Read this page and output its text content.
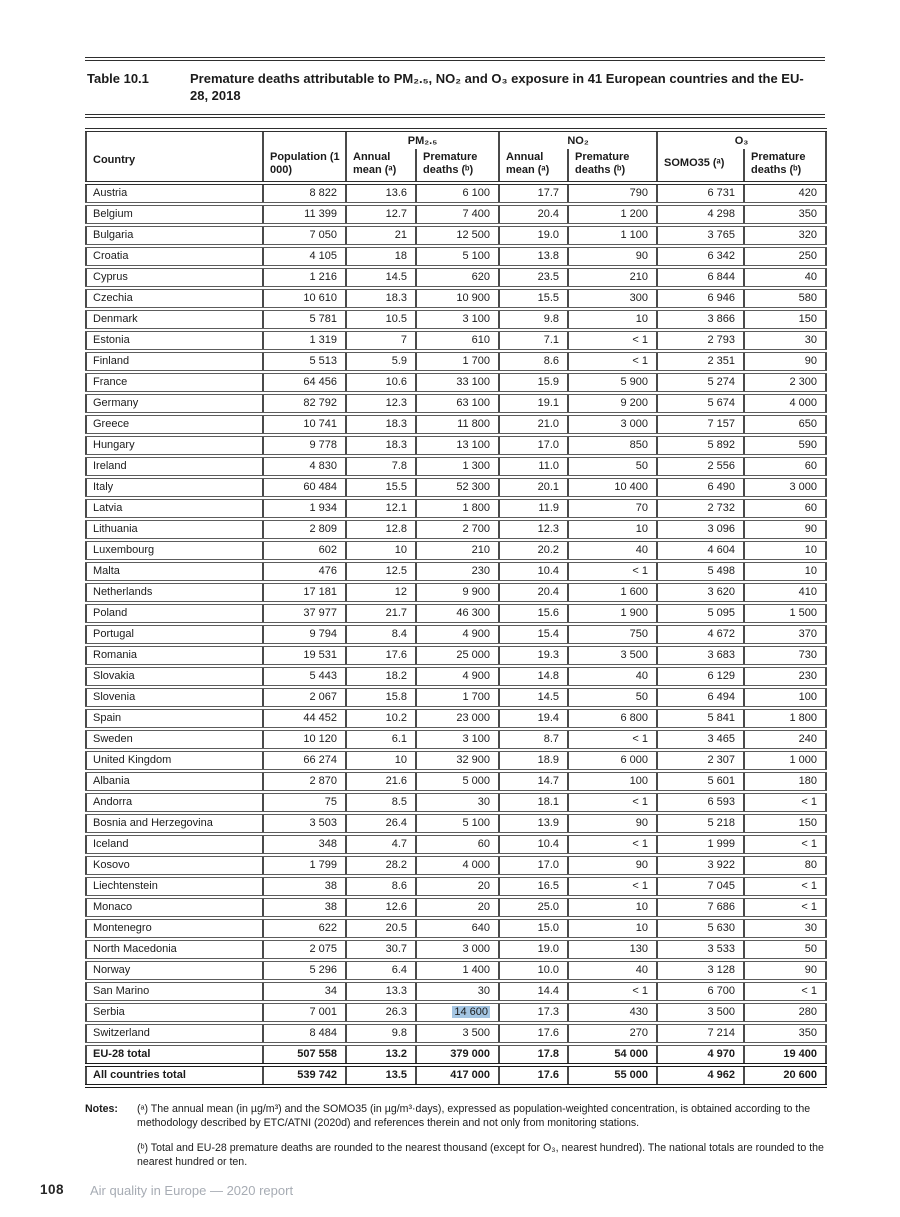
Table 10.1	Premature deaths attributable to PM₂.₅, NO₂ and O₃ exposure in 41 European countries and the EU-28, 2018
Country	Population (1 000)	PM₂.₅		NO₂		O₃	
		Annual mean (ᵃ)	Premature deaths (ᵇ)	Annual mean (ᵃ)	Premature deaths (ᵇ)	SOMO35 (ᵃ)	Premature deaths (ᵇ)
Austria	8 822	13.6	6 100	17.7	790	6 731	420
Belgium	11 399	12.7	7 400	20.4	1 200	4 298	350
Bulgaria	7 050	21	12 500	19.0	1 100	3 765	320
Croatia	4 105	18	5 100	13.8	90	6 342	250
Cyprus	1 216	14.5	620	23.5	210	6 844	40
Czechia	10 610	18.3	10 900	15.5	300	6 946	580
Denmark	5 781	10.5	3 100	9.8	10	3 866	150
Estonia	1 319	7	610	7.1	< 1	2 793	30
Finland	5 513	5.9	1 700	8.6	< 1	2 351	90
France	64 456	10.6	33 100	15.9	5 900	5 274	2 300
Germany	82 792	12.3	63 100	19.1	9 200	5 674	4 000
Greece	10 741	18.3	11 800	21.0	3 000	7 157	650
Hungary	9 778	18.3	13 100	17.0	850	5 892	590
Ireland	4 830	7.8	1 300	11.0	50	2 556	60
Italy	60 484	15.5	52 300	20.1	10 400	6 490	3 000
Latvia	1 934	12.1	1 800	11.9	70	2 732	60
Lithuania	2 809	12.8	2 700	12.3	10	3 096	90
Luxembourg	602	10	210	20.2	40	4 604	10
Malta	476	12.5	230	10.4	< 1	5 498	10
Netherlands	17 181	12	9 900	20.4	1 600	3 620	410
Poland	37 977	21.7	46 300	15.6	1 900	5 095	1 500
Portugal	9 794	8.4	4 900	15.4	750	4 672	370
Romania	19 531	17.6	25 000	19.3	3 500	3 683	730
Slovakia	5 443	18.2	4 900	14.8	40	6 129	230
Slovenia	2 067	15.8	1 700	14.5	50	6 494	100
Spain	44 452	10.2	23 000	19.4	6 800	5 841	1 800
Sweden	10 120	6.1	3 100	8.7	< 1	3 465	240
United Kingdom	66 274	10	32 900	18.9	6 000	2 307	1 000
Albania	2 870	21.6	5 000	14.7	100	5 601	180
Andorra	75	8.5	30	18.1	< 1	6 593	< 1
Bosnia and Herzegovina	3 503	26.4	5 100	13.9	90	5 218	150
Iceland	348	4.7	60	10.4	< 1	1 999	< 1
Kosovo	1 799	28.2	4 000	17.0	90	3 922	80
Liechtenstein	38	8.6	20	16.5	< 1	7 045	< 1
Monaco	38	12.6	20	25.0	10	7 686	< 1
Montenegro	622	20.5	640	15.0	10	5 630	30
North Macedonia	2 075	30.7	3 000	19.0	130	3 533	50
Norway	5 296	6.4	1 400	10.0	40	3 128	90
San Marino	34	13.3	30	14.4	< 1	6 700	< 1
Serbia	7 001	26.3	14 600	17.3	430	3 500	280
Switzerland	8 484	9.8	3 500	17.6	270	7 214	350
EU-28 total	507 558	13.2	379 000	17.8	54 000	4 970	19 400
All countries total	539 742	13.5	417 000	17.6	55 000	4 962	20 600
Notes:	(ᵃ) The annual mean (in µg/m³) and the SOMO35 (in µg/m³·days), expressed as population-weighted concentration, is obtained according to the methodology described by ETC/ATNI (2020d) and references therein and not only from monitoring stations.

(ᵇ) Total and EU-28 premature deaths are rounded to the nearest thousand (except for O₃, nearest hundred). The national totals are rounded to the nearest hundred or ten.

108 Air quality in Europe — 2020 report
